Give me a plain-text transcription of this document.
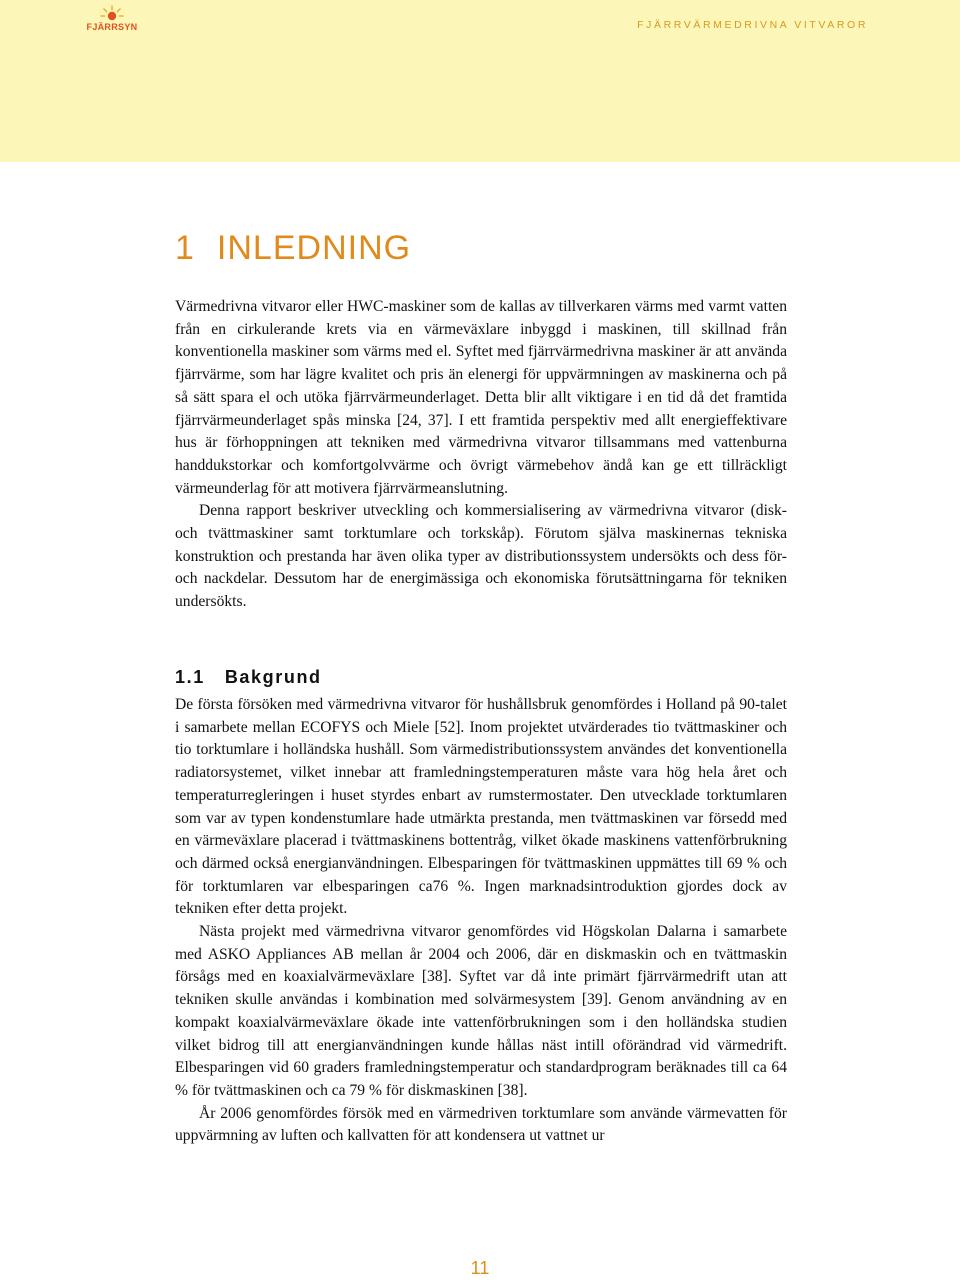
FJÄRRSYN	FJÄRRVÄRMEDRIVNA VITVAROR
1 INLEDNING

Värmedrivna vitvaror eller HWC-maskiner som de kallas av tillverkaren värms med varmt vatten från en cirkulerande krets via en värmeväxlare inbyggd i maskinen, till skillnad från konventionella maskiner som värms med el. Syftet med fjärrvärmedrivna maskiner är att använda fjärrvärme, som har lägre kvalitet och pris än elenergi för uppvärmningen av maskinerna och på så sätt spara el och utöka fjärrvärmeunderlaget. Detta blir allt viktigare i en tid då det framtida fjärrvärmeunderlaget spås minska [24, 37]. I ett framtida perspektiv med allt energieffektivare hus är förhoppningen att tekniken med värmedrivna vitvaror tillsammans med vattenburna handdukstorkar och komfortgolvvärme och övrigt värmebehov ändå kan ge ett tillräckligt värmeunderlag för att motivera fjärrvärmeanslutning.

Denna rapport beskriver utveckling och kommersialisering av värmedrivna vitvaror (disk- och tvättmaskiner samt torktumlare och torkskåp). Förutom själva maskinernas tekniska konstruktion och prestanda har även olika typer av distributionssystem undersökts och dess för- och nackdelar. Dessutom har de energimässiga och ekonomiska förutsättningarna för tekniken undersökts.

1.1 Bakgrund

De första försöken med värmedrivna vitvaror för hushållsbruk genomfördes i Holland på 90-talet i samarbete mellan ECOFYS och Miele [52]. Inom projektet utvärderades tio tvättmaskiner och tio torktumlare i holländska hushåll. Som värmedistributionssystem användes det konventionella radiatorsystemet, vilket innebar att framledningstemperaturen måste vara hög hela året och temperaturregleringen i huset styrdes enbart av rumstermostater. Den utvecklade torktumlaren som var av typen kondenstumlare hade utmärkta prestanda, men tvättmaskinen var försedd med en värmeväxlare placerad i tvättmaskinens bottentråg, vilket ökade maskinens vattenförbrukning och därmed också energianvändningen. Elbesparingen för tvättmaskinen uppmättes till 69 % och för torktumlaren var elbesparingen ca76 %. Ingen marknadsintroduktion gjordes dock av tekniken efter detta projekt.

Nästa projekt med värmedrivna vitvaror genomfördes vid Högskolan Dalarna i samarbete med ASKO Appliances AB mellan år 2004 och 2006, där en diskmaskin och en tvättmaskin försågs med en koaxialvärmeväxlare [38]. Syftet var då inte primärt fjärrvärmedrift utan att tekniken skulle användas i kombination med solvärmesystem [39]. Genom användning av en kompakt koaxialvärmeväxlare ökade inte vattenförbrukningen som i den holländska studien vilket bidrog till att energianvändningen kunde hållas näst intill oförändrad vid värmedrift. Elbesparingen vid 60 graders framledningstemperatur och standardprogram beräknades till ca 64 % för tvättmaskinen och ca 79 % för diskmaskinen [38].

År 2006 genomfördes försök med en värmedriven torktumlare som använde värmevatten för uppvärmning av luften och kallvatten för att kondensera ut vattnet ur

11
